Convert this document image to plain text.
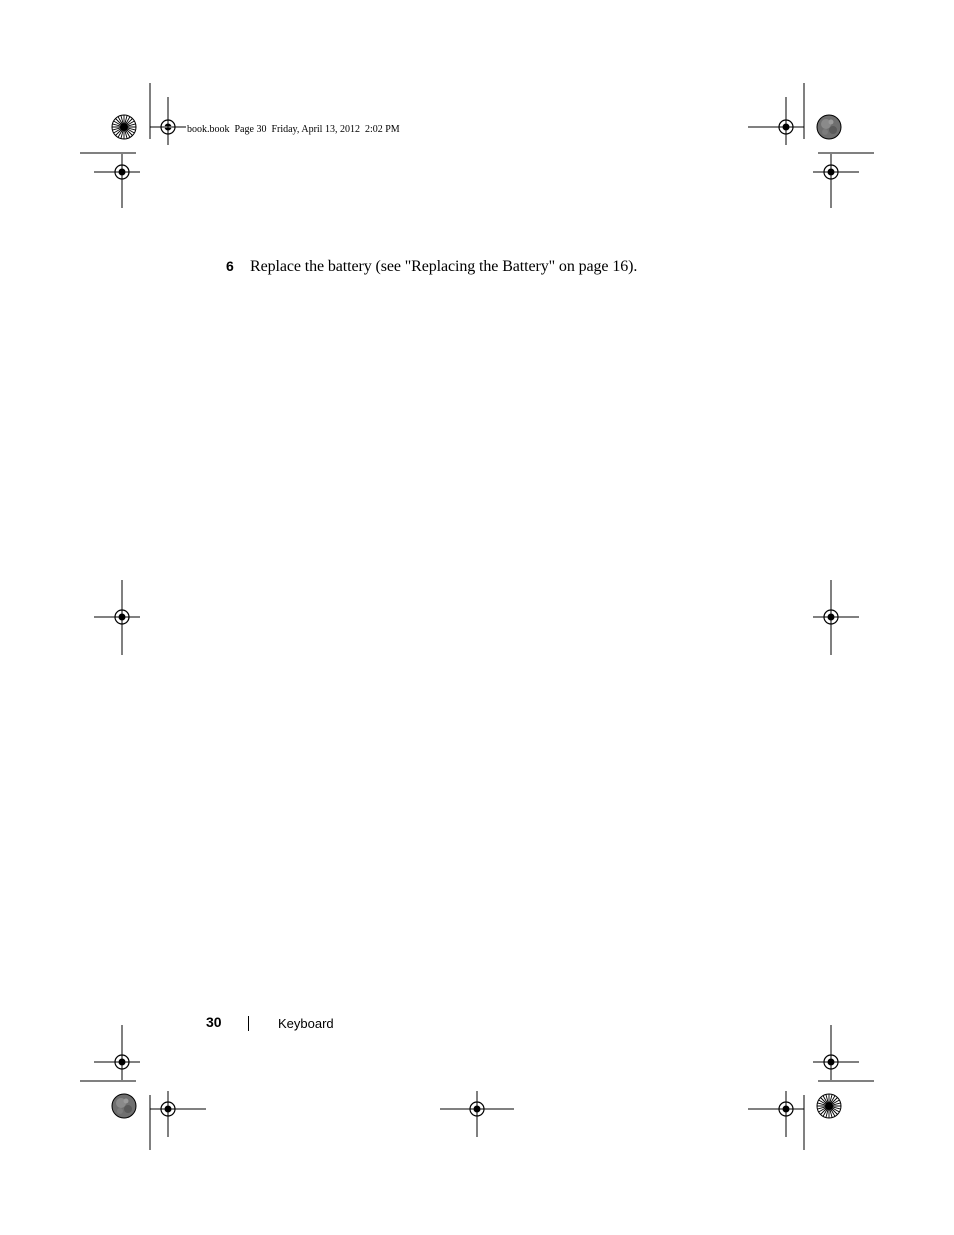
book.book  Page 30  Friday, April 13, 2012  2:02 PM
6	Replace the battery (see "Replacing the Battery" on page 16).
30	Keyboard
